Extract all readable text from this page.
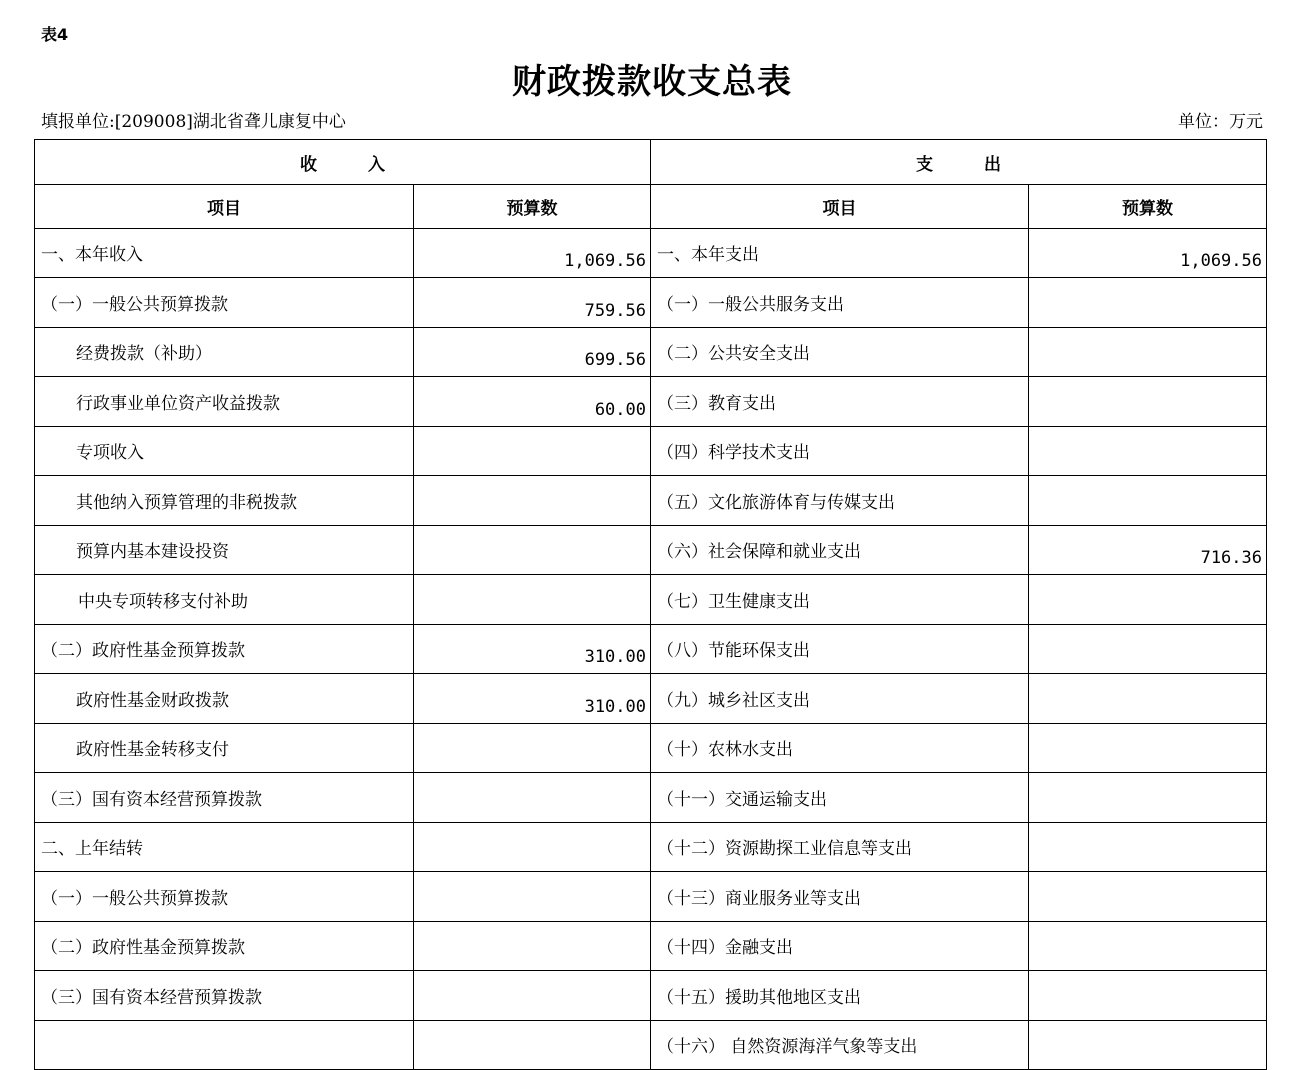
表4
财政拨款收支总表
填报单位:[209008]湖北省聋儿康复中心	单位：万元
收　　　入		支　　　出	
项目	预算数	项目	预算数
一、本年收入	1,069.56	一、本年支出	1,069.56
（一）一般公共预算拨款	759.56	（一）一般公共服务支出	
经费拨款（补助）	699.56	（二）公共安全支出	
行政事业单位资产收益拨款	60.00	（三）教育支出	
专项收入		（四）科学技术支出	
其他纳入预算管理的非税拨款		（五）文化旅游体育与传媒支出	
预算内基本建设投资		（六）社会保障和就业支出	716.36
中央专项转移支付补助		（七）卫生健康支出	
（二）政府性基金预算拨款	310.00	（八）节能环保支出	
政府性基金财政拨款	310.00	（九）城乡社区支出	
政府性基金转移支付		（十）农林水支出	
（三）国有资本经营预算拨款		（十一）交通运输支出	
二、上年结转		（十二）资源勘探工业信息等支出	
（一）一般公共预算拨款		（十三）商业服务业等支出	
（二）政府性基金预算拨款		（十四）金融支出	
（三）国有资本经营预算拨款		（十五）援助其他地区支出	
		（十六） 自然资源海洋气象等支出	
